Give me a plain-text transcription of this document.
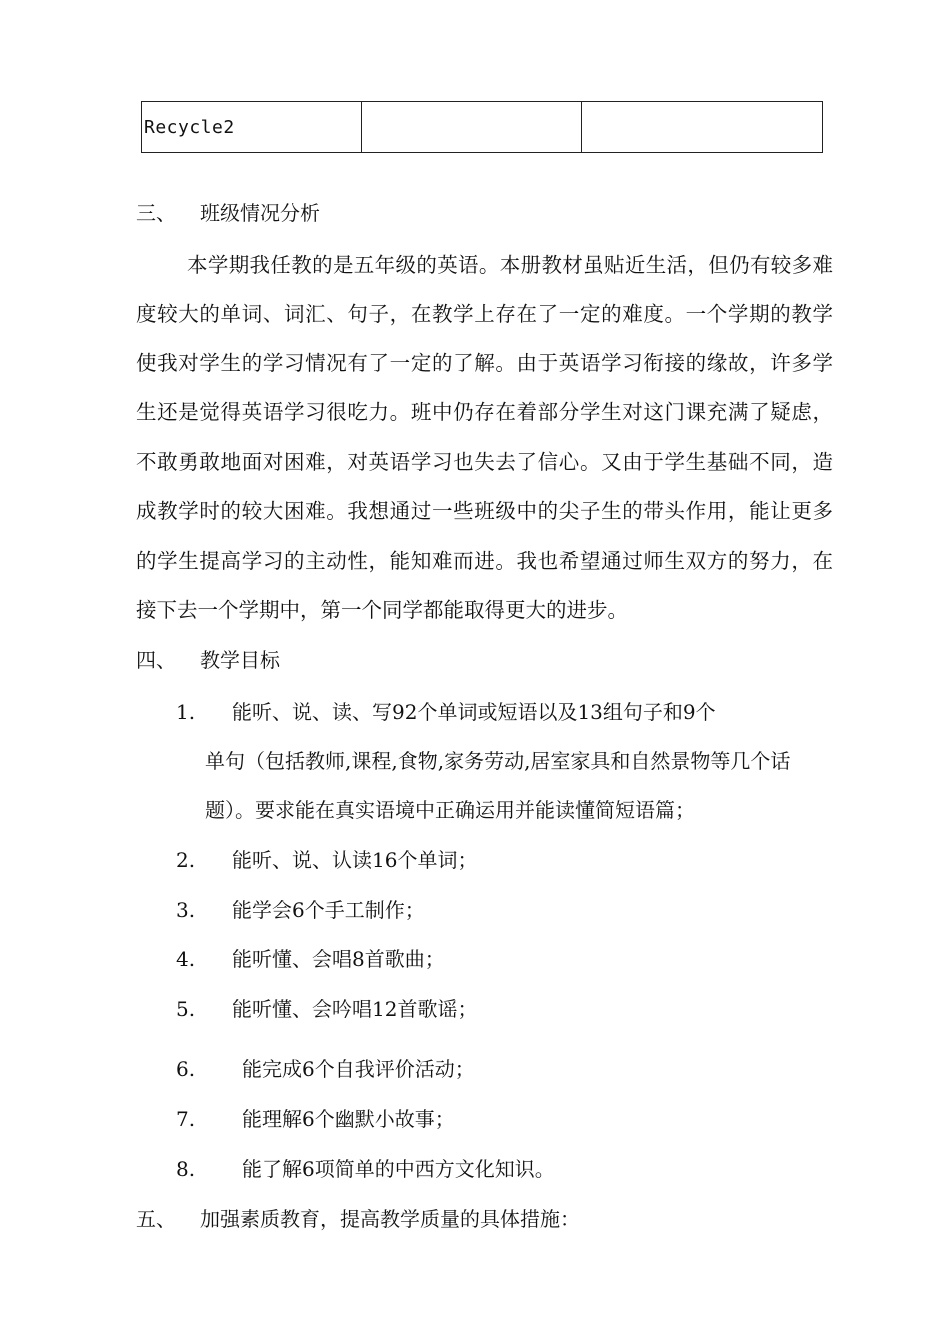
Recycle2
三、 班级情况分析
本学期我任教的是五年级的英语。本册教材虽贴近生活，但仍有较多难
度较大的单词、词汇、句子，在教学上存在了一定的难度。一个学期的教学
使我对学生的学习情况有了一定的了解。由于英语学习衔接的缘故，许多学
生还是觉得英语学习很吃力。班中仍存在着部分学生对这门课充满了疑虑，
不敢勇敢地面对困难，对英语学习也失去了信心。又由于学生基础不同，造
成教学时的较大困难。我想通过一些班级中的尖子生的带头作用，能让更多
的学生提高学习的主动性，能知难而进。我也希望通过师生双方的努力，在
接下去一个学期中，第一个同学都能取得更大的进步。
四、 教学目标
1. 能听、说、读、写92个单词或短语以及13组句子和9个
单句（包括教师,课程,食物,家务劳动,居室家具和自然景物等几个话
题）。要求能在真实语境中正确运用并能读懂简短语篇；
2. 能听、说、认读16个单词；
3. 能学会6个手工制作；
4. 能听懂、会唱8首歌曲；
5. 能听懂、会吟唱12首歌谣；
6. 能完成6个自我评价活动；
7. 能理解6个幽默小故事；
8. 能了解6项简单的中西方文化知识。
五、 加强素质教育，提高教学质量的具体措施：
